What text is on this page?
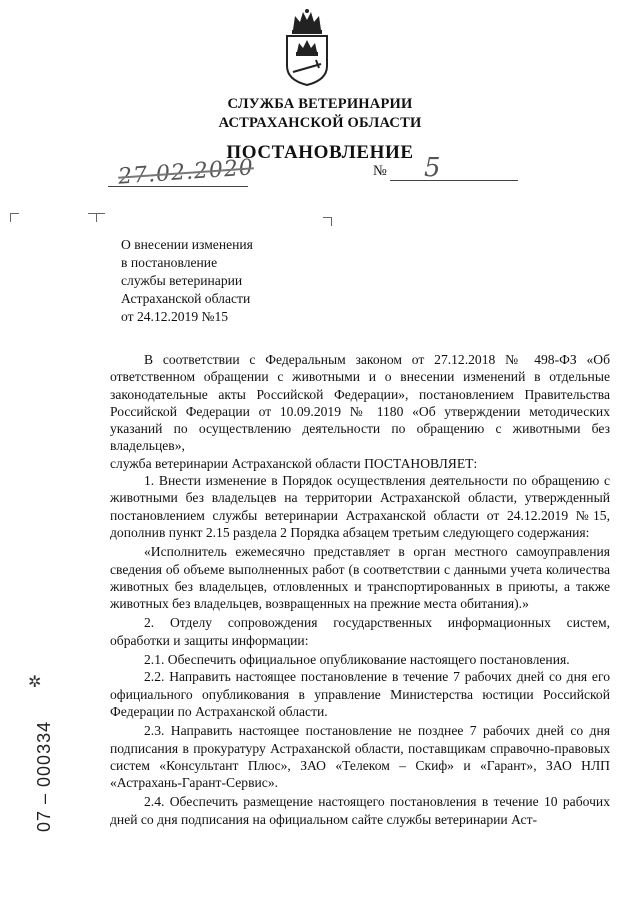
СЛУЖБА ВЕТЕРИНАРИИ
АСТРАХАНСКОЙ ОБЛАСТИ
ПОСТАНОВЛЕНИЕ
27.02.2020	№ 5
О внесении изменения
в постановление
службы ветеринарии
Астраханской области
от 24.12.2019 №15

В соответствии с Федеральным законом от 27.12.2018 № 498-ФЗ «Об ответственном обращении с животными и о внесении изменений в отдельные законодательные акты Российской Федерации», постановлением Правительства Российской Федерации от 10.09.2019 № 1180 «Об утверждении методических указаний по осуществлению деятельности по обращению с животными без владельцев»,

служба ветеринарии Астраханской области ПОСТАНОВЛЯЕТ:

1. Внести изменение в Порядок осуществления деятельности по обращению с животными без владельцев на территории Астраханской области, утвержденный постановлением службы ветеринарии Астраханской области от 24.12.2019 №15, дополнив пункт 2.15 раздела 2 Порядка абзацем третьим следующего содержания:

«Исполнитель ежемесячно представляет в орган местного самоуправления сведения об объеме выполненных работ (в соответствии с данными учета количества животных без владельцев, отловленных и транспортированных в приюты, а также животных без владельцев, возвращенных на прежние места обитания).»

2. Отделу сопровождения государственных информационных систем, обработки и защиты информации:

2.1. Обеспечить официальное опубликование настоящего постановления.

2.2. Направить настоящее постановление в течение 7 рабочих дней со дня его официального опубликования в управление Министерства юстиции Российской Федерации по Астраханской области.

2.3. Направить настоящее постановление не позднее 7 рабочих дней со дня подписания в прокуратуру Астраханской области, поставщикам справочно-правовых систем «Консультант Плюс», ЗАО «Телеком – Скиф» и «Гарант», ЗАО НЛП «Астрахань-Гарант-Сервис».

2.4. Обеспечить размещение настоящего постановления в течение 10 рабочих дней со дня подписания на официальном сайте службы ветеринарии Аст-

✲
07 – 000334
